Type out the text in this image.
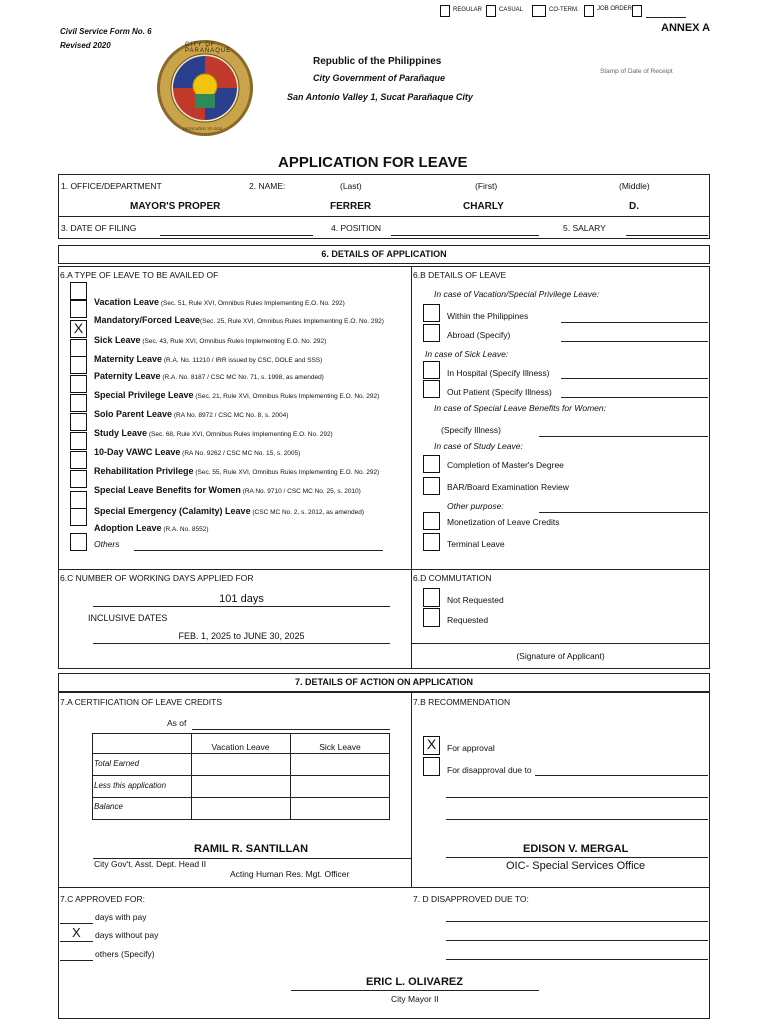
REGULAR	CASUAL	CO-TERM.	JOB ORDER
Civil Service Form No. 6
Revised 2020
ANNEX A
CITY OF PARAÑAQUE
DEDICATED TO GOD
Republic of the Philippines
City Government of Parañaque
San Antonio Valley 1, Sucat Parañaque City
Stamp of Date of Receipt
APPLICATION FOR LEAVE
1. OFFICE/DEPARTMENT	2. NAME:	(Last)	(First)	(Middle)
MAYOR'S PROPER	FERRER	CHARLY	D.
3. DATE OF FILING	4. POSITION	5. SALARY
6. DETAILS OF APPLICATION
6.A TYPE OF LEAVE TO BE AVAILED OF	6.B DETAILS OF LEAVE
Vacation Leave (Sec. 51, Rule XVI, Omnibus Rules Implementing E.O. No. 292)
Mandatory/Forced Leave(Sec. 25, Rule XVI, Omnibus Rules Implementing E.O. No. 292)
X
Sick Leave (Sec. 43, Rule XVI, Omnibus Rules Implementing E.O. No. 292)
Maternity Leave (R.A. No. 11210 / IRR issued by CSC, DOLE and SSS)
Paternity Leave (R.A. No. 8187 / CSC MC No. 71, s. 1998, as amended)
Special Privilege Leave (Sec. 21, Rule XVI, Omnibus Rules Implementing E.O. No. 292)
Solo Parent Leave (RA No. 8972 / CSC MC No. 8, s. 2004)
Study Leave (Sec. 68, Rule XVI, Omnibus Rules Implementing E.O. No. 292)
10-Day VAWC Leave (RA No. 9262 / CSC MC No. 15, s. 2005)
Rehabilitation Privilege (Sec. 55, Rule XVI, Omnibus Rules Implementing E.O. No. 292)
Special Leave Benefits for Women (RA No. 9710 / CSC MC No. 25, s. 2010)
Special Emergency (Calamity) Leave (CSC MC No. 2, s. 2012, as amended)
Adoption Leave (R.A. No. 8552)
Others
In case of Vacation/Special Privilege Leave:
Within the Philippines
Abroad (Specify)
In case of Sick Leave:
In Hospital (Specify Illness)
Out Patient (Specify Illness)
In case of Special Leave Benefits for Women:
(Specify Illness)
In case of Study Leave:
Completion of Master's Degree
BAR/Board Examination Review
Other purpose:
Monetization of Leave Credits
Terminal Leave
6.C NUMBER OF WORKING DAYS APPLIED FOR
101 days
INCLUSIVE DATES
FEB. 1, 2025 to JUNE 30, 2025
6.D COMMUTATION
Not Requested
Requested
(Signature of Applicant)
7. DETAILS OF ACTION ON APPLICATION
7.A CERTIFICATION OF LEAVE CREDITS
As of
Vacation Leave	Sick Leave
Total Earned
Less this application
Balance
7.B RECOMMENDATION
X	For approval
For disapproval due to
RAMIL R. SANTILLAN
City Gov't. Asst. Dept. Head II
Acting Human Res. Mgt. Officer
EDISON V. MERGAL
OIC- Special Services Office
7.C APPROVED FOR:
days with pay
X days without pay
others (Specify)
7. D DISAPPROVED DUE TO:
ERIC L. OLIVAREZ
City Mayor II
